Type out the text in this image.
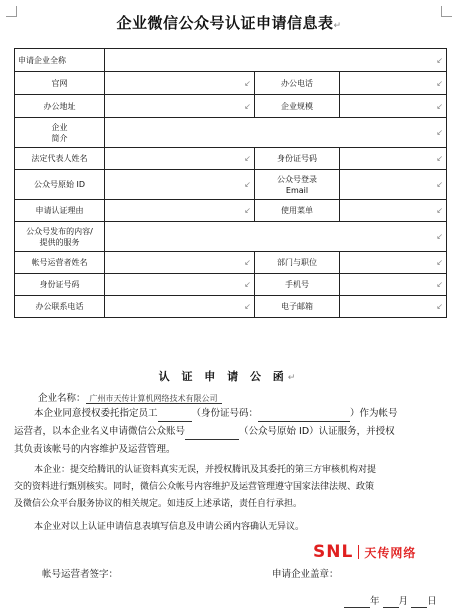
企业微信公众号认证申请信息表↵
申请企业全称	↙		
官网	↙	办公电话	↙
办公地址	↙	企业规模	↙

企业
简介	↙		
法定代表人姓名	↙	身份证号码	↙
公众号原始 ID	↙	公众号登录
Email	↙
申请认证理由	↙	使用菜单	↙

公众号发布的内容/
提供的服务	↙		
帐号运营者姓名	↙	部门与职位	↙
身份证号码	↙	手机号	↙
办公联系电话	↙	电子邮箱	↙
认 证 申 请 公 函↵
企业名称： 广州市天传计算机网络技术有限公司
本企业同意授权委托指定员工	（身份证号码：	）作为帐号
运营者，以本企业名义申请微信公众账号	（公众号原始 ID）认证服务，并授权
其负责该帐号的内容维护及运营管理。
本企业：提交给腾讯的认证资料真实无误，并授权腾讯及其委托的第三方审核机构对提
交的资料进行甄别核实。同时，微信公众帐号内容维护及运营管理遵守国家法律法规、政策
及微信公众平台服务协议的相关规定。如违反上述承诺，责任自行承担。
本企业对以上认证申请信息表填写信息及申请公函内容确认无异议。
SNL 天传网络
帐号运营者签字：	申请企业盖章：
年 月 日
